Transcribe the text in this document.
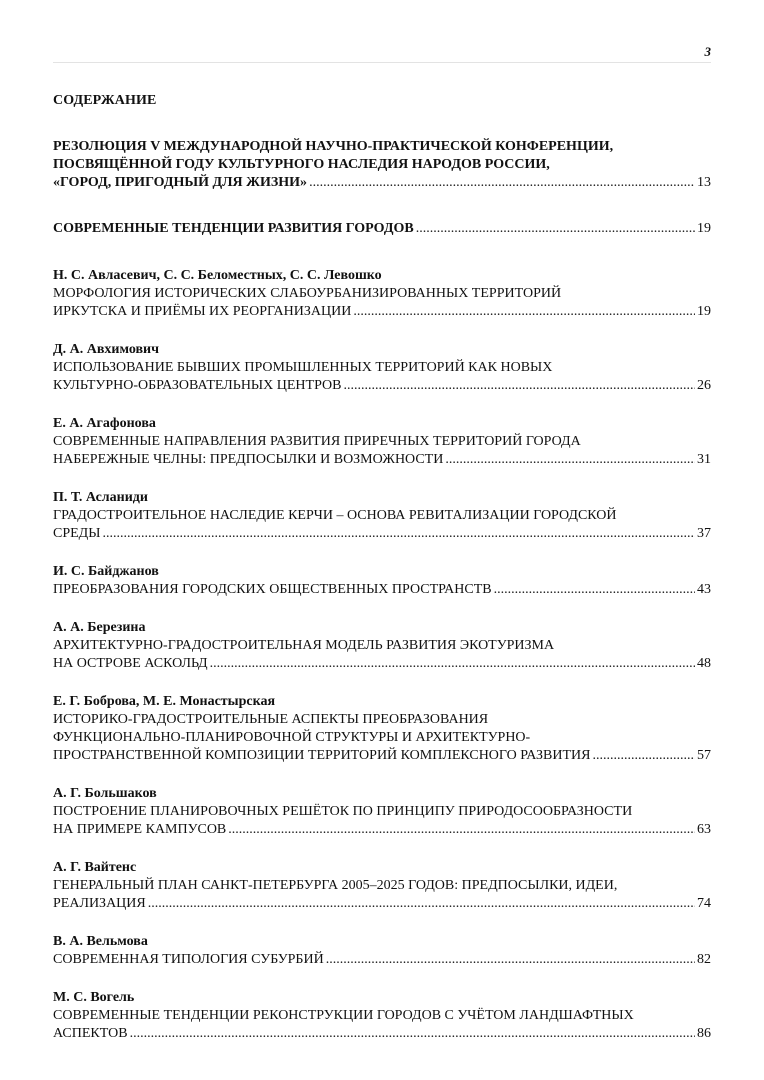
3
СОДЕРЖАНИЕ
РЕЗОЛЮЦИЯ V МЕЖДУНАРОДНОЙ НАУЧНО-ПРАКТИЧЕСКОЙ КОНФЕРЕНЦИИ,
ПОСВЯЩЁННОЙ ГОДУ КУЛЬТУРНОГО НАСЛЕДИЯ НАРОДОВ РОССИИ,
«ГОРОД, ПРИГОДНЫЙ ДЛЯ ЖИЗНИ» .....	13
СОВРЕМЕННЫЕ ТЕНДЕНЦИИ РАЗВИТИЯ ГОРОДОВ .....	19
Н. С. Авласевич, С. С. Беломестных, С. С. Левошко
МОРФОЛОГИЯ ИСТОРИЧЕСКИХ СЛАБОУРБАНИЗИРОВАННЫХ ТЕРРИТОРИЙ
ИРКУТСКА И ПРИЁМЫ ИХ РЕОРГАНИЗАЦИИ .....	19
Д. А. Авхимович
ИСПОЛЬЗОВАНИЕ БЫВШИХ ПРОМЫШЛЕННЫХ ТЕРРИТОРИЙ КАК НОВЫХ
КУЛЬТУРНО-ОБРАЗОВАТЕЛЬНЫХ ЦЕНТРОВ .....	26
Е. А. Агафонова
СОВРЕМЕННЫЕ НАПРАВЛЕНИЯ РАЗВИТИЯ ПРИРЕЧНЫХ ТЕРРИТОРИЙ ГОРОДА
НАБЕРЕЖНЫЕ ЧЕЛНЫ: ПРЕДПОСЫЛКИ И ВОЗМОЖНОСТИ .....	31
П. Т. Асланиди
ГРАДОСТРОИТЕЛЬНОЕ НАСЛЕДИЕ КЕРЧИ – ОСНОВА РЕВИТАЛИЗАЦИИ ГОРОДСКОЙ
СРЕДЫ .....	37
И. С. Байджанов
ПРЕОБРАЗОВАНИЯ ГОРОДСКИХ ОБЩЕСТВЕННЫХ ПРОСТРАНСТВ .....	43
А. А. Березина
АРХИТЕКТУРНО-ГРАДОСТРОИТЕЛЬНАЯ МОДЕЛЬ РАЗВИТИЯ ЭКОТУРИЗМА
НА ОСТРОВЕ АСКОЛЬД .....	48
Е. Г. Боброва, М. Е. Монастырская
ИСТОРИКО-ГРАДОСТРОИТЕЛЬНЫЕ АСПЕКТЫ ПРЕОБРАЗОВАНИЯ
ФУНКЦИОНАЛЬНО-ПЛАНИРОВОЧНОЙ СТРУКТУРЫ И АРХИТЕКТУРНО-
ПРОСТРАНСТВЕННОЙ КОМПОЗИЦИИ ТЕРРИТОРИЙ КОМПЛЕКСНОГО РАЗВИТИЯ .....	57
А. Г. Большаков
ПОСТРОЕНИЕ ПЛАНИРОВОЧНЫХ РЕШЁТОК ПО ПРИНЦИПУ ПРИРОДОСООБРАЗНОСТИ
НА ПРИМЕРЕ КАМПУСОВ .....	63
А. Г. Вайтенс
ГЕНЕРАЛЬНЫЙ ПЛАН САНКТ-ПЕТЕРБУРГА 2005–2025 ГОДОВ: ПРЕДПОСЫЛКИ, ИДЕИ,
РЕАЛИЗАЦИЯ .....	74
В. А. Вельмова
СОВРЕМЕННАЯ ТИПОЛОГИЯ СУБУРБИЙ .....	82
М. С. Вогель
СОВРЕМЕННЫЕ ТЕНДЕНЦИИ РЕКОНСТРУКЦИИ ГОРОДОВ С УЧЁТОМ ЛАНДШАФТНЫХ
АСПЕКТОВ .....	86
